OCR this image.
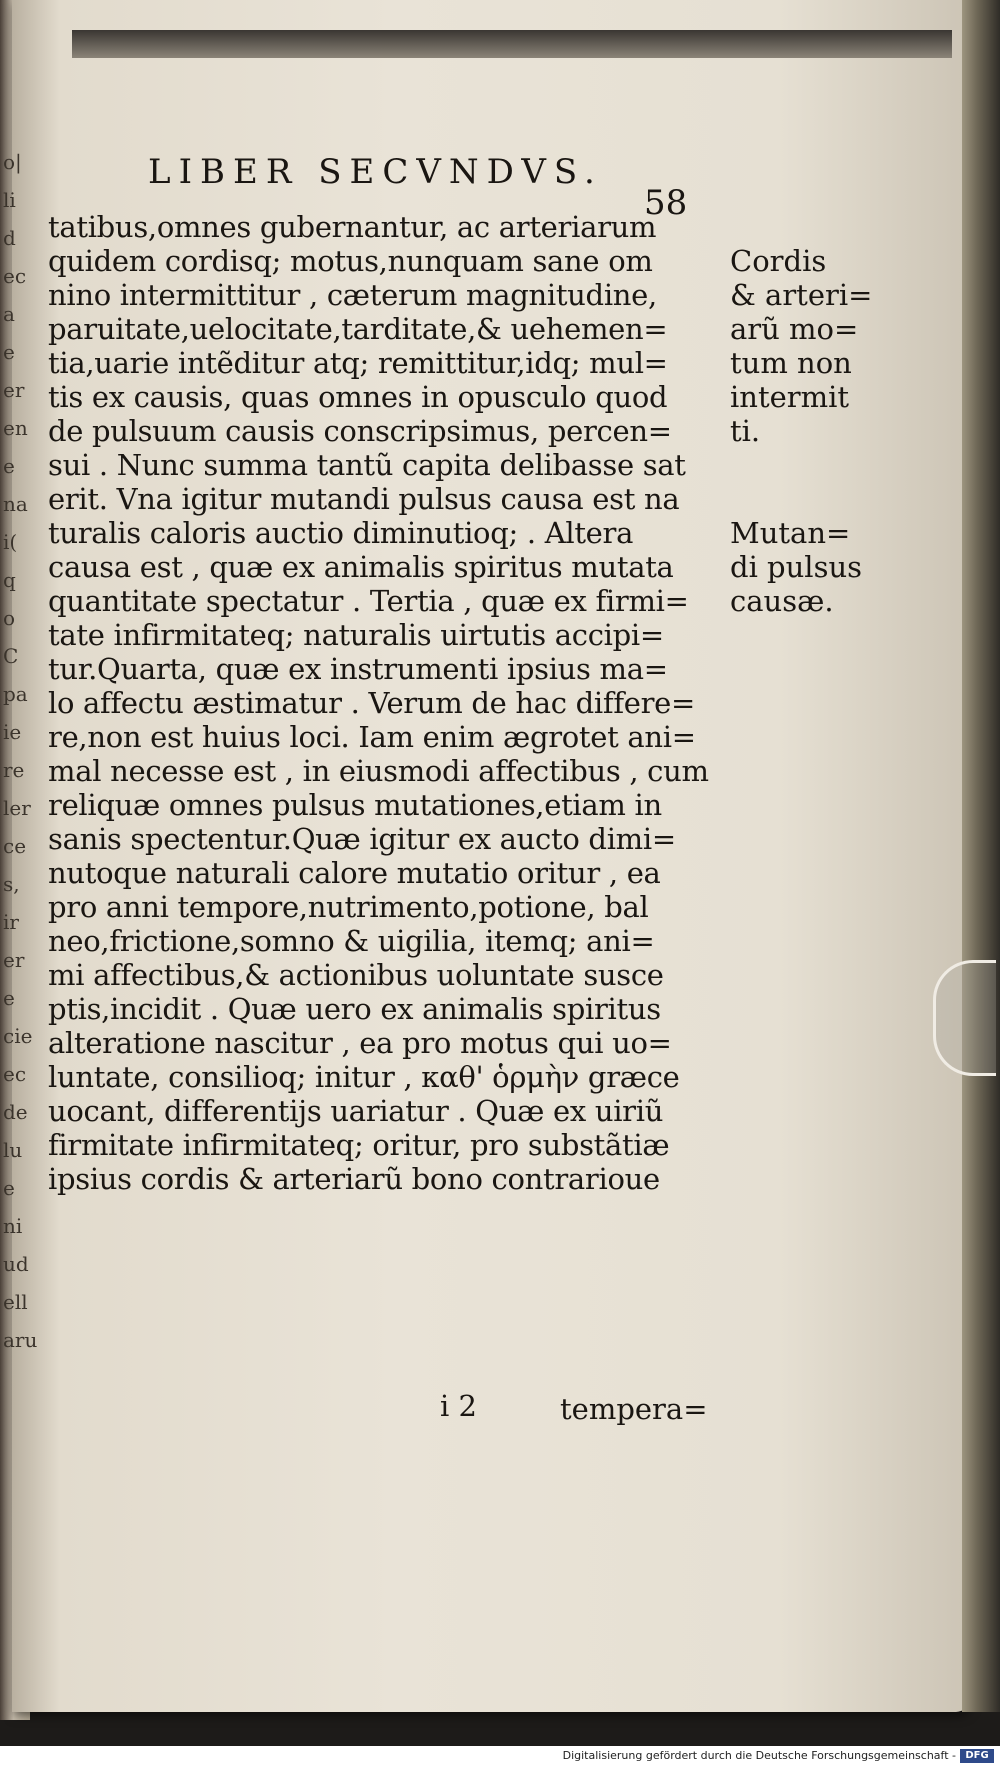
o|
li
d
ec
a
e
er
en
e
na
i(
q
o
C
pa
ie
re
ler
ce
s,
ir
er
e
cie
ec
de
lu
e
ni
ud
ell
aru
LIBER SECVNDVS.
58
tatibus,omnes gubernantur, ac arteriarum
quidem cordisq; motus,nunquam sane om
nino intermittitur , cæterum magnitudine,
paruitate,uelocitate,tarditate,& uehemen=
tia,uarie intẽditur atq; remittitur,idq; mul=
tis ex causis, quas omnes in opusculo quod
de pulsuum causis conscripsimus, percen=
sui . Nunc summa tantũ capita delibasse sat
erit. Vna igitur mutandi pulsus causa est na
turalis caloris auctio diminutioq; . Altera
causa est , quæ ex animalis spiritus mutata
quantitate spectatur . Tertia , quæ ex firmi=
tate infirmitateq; naturalis uirtutis accipi=
tur.Quarta, quæ ex instrumenti ipsius ma=
lo affectu æstimatur . Verum de hac differe=
re,non est huius loci. Iam enim ægrotet ani=
mal necesse est , in eiusmodi affectibus , cum
reliquæ omnes pulsus mutationes,etiam in
sanis spectentur.Quæ igitur ex aucto dimi=
nutoque naturali calore mutatio oritur , ea
pro anni tempore,nutrimento,potione, bal
neo,frictione,somno & uigilia, itemq; ani=
mi affectibus,& actionibus uoluntate susce
ptis,incidit . Quæ uero ex animalis spiritus
alteratione nascitur , ea pro motus qui uo=
luntate, consilioq; initur , καθ' ὁρμὴν græce
uocant, differentijs uariatur . Quæ ex uiriũ
firmitate infirmitateq; oritur, pro substãtiæ
ipsius cordis & arteriarũ bono contrarioue
Cordis
& arteri=
arũ mo=
tum non
intermit
ti.
Mutan=
di pulsus
causæ.
i 2	tempera=
Digitalisierung gefördert durch die Deutsche Forschungsgemeinschaft - DFG
